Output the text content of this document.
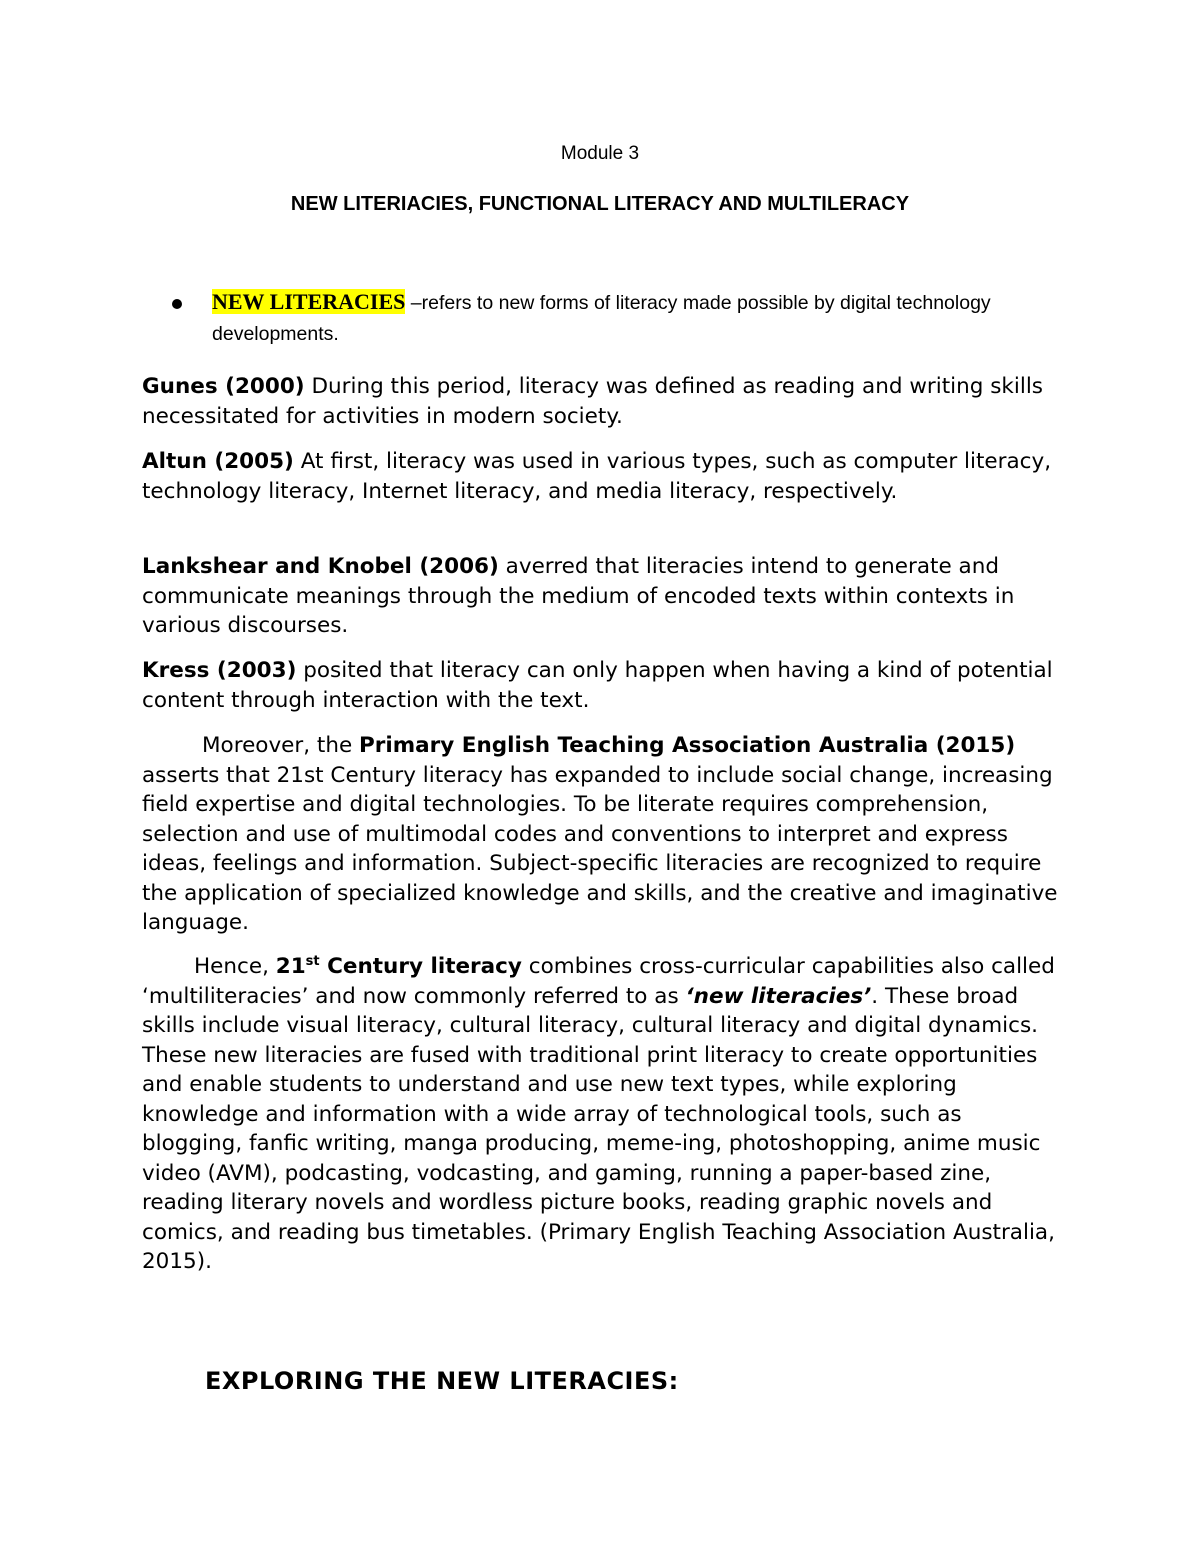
Module 3
NEW LITERIACIES, FUNCTIONAL LITERACY AND MULTILERACY
NEW LITERACIES –refers to new forms of literacy made possible by digital technology developments.

Gunes (2000) During this period, literacy was defined as reading and writing skills necessitated for activities in modern society.

Altun (2005) At first, literacy was used in various types, such as computer literacy, technology literacy, Internet literacy, and media literacy, respectively.

Lankshear and Knobel (2006) averred that literacies intend to generate and communicate meanings through the medium of encoded texts within contexts in various discourses.

Kress (2003) posited that literacy can only happen when having a kind of potential content through interaction with the text.

Moreover, the Primary English Teaching Association Australia (2015) asserts that 21st Century literacy has expanded to include social change, increasing field expertise and digital technologies. To be literate requires comprehension, selection and use of multimodal codes and conventions to interpret and express ideas, feelings and information. Subject-specific literacies are recognized to require the application of specialized knowledge and skills, and the creative and imaginative language.

Hence, 21st Century literacy combines cross-curricular capabilities also called ‘multiliteracies’ and now commonly referred to as ‘new literacies’. These broad skills include visual literacy, cultural literacy, cultural literacy and digital dynamics. These new literacies are fused with traditional print literacy to create opportunities and enable students to understand and use new text types, while exploring knowledge and information with a wide array of technological tools, such as blogging, fanfic writing, manga producing, meme-ing, photoshopping, anime music video (AVM), podcasting, vodcasting, and gaming, running a paper-based zine, reading literary novels and wordless picture books, reading graphic novels and comics, and reading bus timetables. (Primary English Teaching Association Australia, 2015).

EXPLORING THE NEW LITERACIES:
